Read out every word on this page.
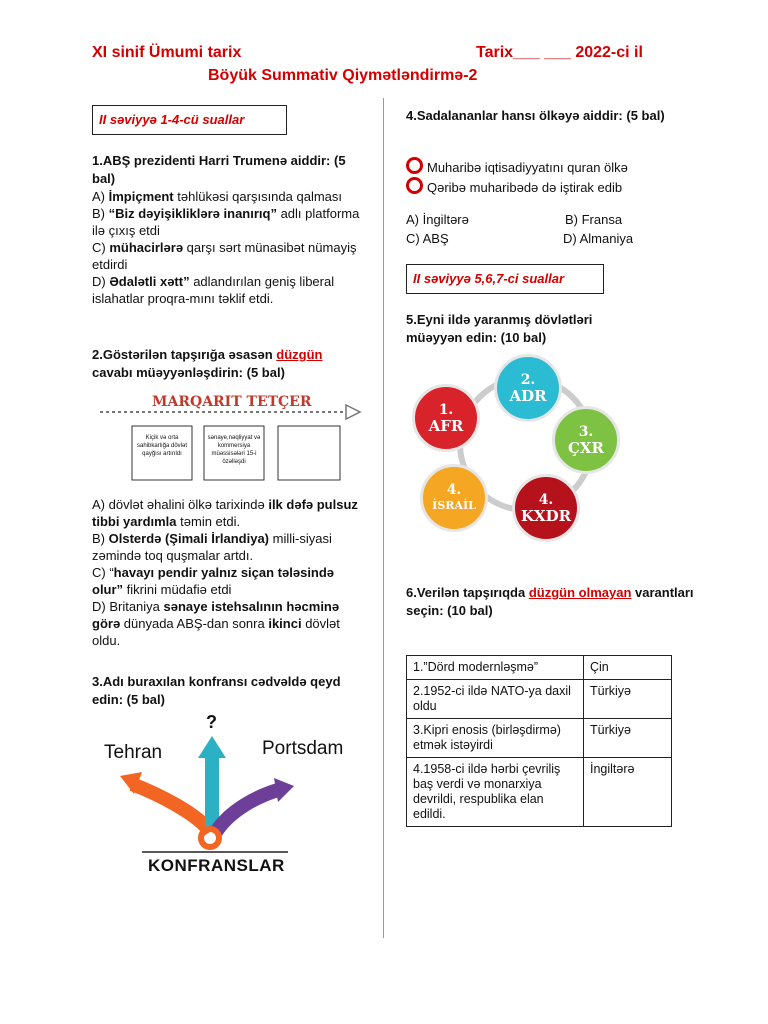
XI sinif Ümumi tarix	Tarix___ ___ 2022-ci il
Böyük Summativ Qiymətləndirmə-2
II səviyyə 1-4-cü suallar
1.ABŞ prezidenti Harri Trumenə aiddir: (5 bal)
A) İmpiçment təhlükəsi qarşısında qalması
B) “Biz dəyişikliklərə inanırıq” adlı platforma ilə çıxış etdi
C) mühacirlərə qarşı sərt münasibət nümayiş etdirdi
D) Ədalətli xətt” adlandırılan geniş liberal islahatlar proqra-mını təklif etdi.
2.Göstərilən tapşırığa əsasən düzgün cavabı müəyyənləşdirin: (5 bal)
MARQARIT TETÇER
Kiçik və orta sahibkarlığa dövlət qayğısı artırıldı
sənaye,nəqliyyat və kommersiya müəssisələri 15-i özəlləşdi
A) dövlət əhalini ölkə tarixində ilk dəfə pulsuz tibbi yardımla təmin etdi.
B) Olsterdə (Şimali İrlandiya) milli-siyasi zəmində toq quşmalar artdı.
C) “havayı pendir yalnız siçan tələsində olur” fikrini müdafiə etdi
D) Britaniya sənaye istehsalının həcminə görə dünyada ABŞ-dan sonra ikinci dövlət oldu.
3.Adı buraxılan konfransı cədvəldə qeyd edin: (5 bal)
?
Tehran	Portsdam
KONFRANSLAR
4.Sadalananlar hansı ölkəyə aiddir: (5 bal)
Muharibə iqtisadiyyatını quran ölkə
Qəribə muharibədə də iştirak edib
A) İngiltərə	B) Fransa
C) ABŞ	D) Almaniya
II səviyyə 5,6,7-ci suallar
5.Eyni ildə yaranmış dövlətləri
müəyyən edin: (10 bal)
1.
AFR
2.
ADR
3.
ÇXR
4.
KXDR
4.
İSRAİL
6.Verilən tapşırıqda düzgün olmayan varantları seçin: (10 bal)
1.”Dörd modernləşmə”	Çin
2.1952-ci ildə NATO-ya daxil oldu	Türkiyə
3.Kipri enosis (birləşdirmə) etmək istəyirdi	Türkiyə
4.1958-ci ildə hərbi çevriliş baş verdi və monarxiya devrildi, respublika elan edildi.	İngiltərə
